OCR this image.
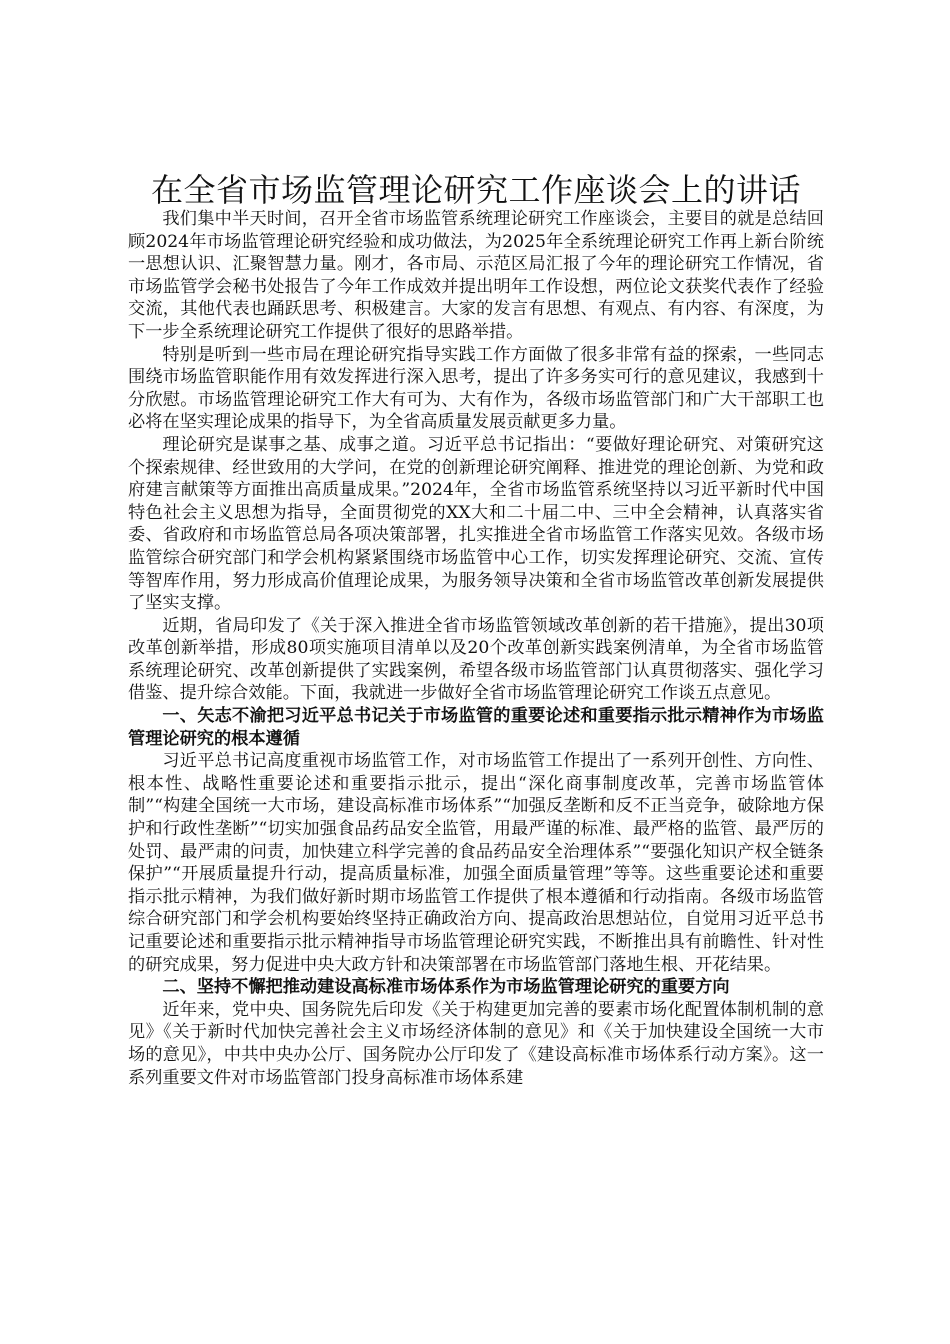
在全省市场监管理论研究工作座谈会上的讲话

我们集中半天时间，召开全省市场监管系统理论研究工作座谈会，主要目的就是总结回顾2024年市场监管理论研究经验和成功做法，为2025年全系统理论研究工作再上新台阶统一思想认识、汇聚智慧力量。刚才，各市局、示范区局汇报了今年的理论研究工作情况，省市场监管学会秘书处报告了今年工作成效并提出明年工作设想，两位论文获奖代表作了经验交流，其他代表也踊跃思考、积极建言。大家的发言有思想、有观点、有内容、有深度，为下一步全系统理论研究工作提供了很好的思路举措。

特别是听到一些市局在理论研究指导实践工作方面做了很多非常有益的探索，一些同志围绕市场监管职能作用有效发挥进行深入思考，提出了许多务实可行的意见建议，我感到十分欣慰。市场监管理论研究工作大有可为、大有作为，各级市场监管部门和广大干部职工也必将在坚实理论成果的指导下，为全省高质量发展贡献更多力量。

理论研究是谋事之基、成事之道。习近平总书记指出：“要做好理论研究、对策研究这个探索规律、经世致用的大学问，在党的创新理论研究阐释、推进党的理论创新、为党和政府建言献策等方面推出高质量成果。”2024年，全省市场监管系统坚持以习近平新时代中国特色社会主义思想为指导，全面贯彻党的XX大和二十届二中、三中全会精神，认真落实省委、省政府和市场监管总局各项决策部署，扎实推进全省市场监管工作落实见效。各级市场监管综合研究部门和学会机构紧紧围绕市场监管中心工作，切实发挥理论研究、交流、宣传等智库作用，努力形成高价值理论成果，为服务领导决策和全省市场监管改革创新发展提供了坚实支撑。

近期，省局印发了《关于深入推进全省市场监管领域改革创新的若干措施》，提出30项改革创新举措，形成80项实施项目清单以及20个改革创新实践案例清单，为全省市场监管系统理论研究、改革创新提供了实践案例，希望各级市场监管部门认真贯彻落实、强化学习借鉴、提升综合效能。下面，我就进一步做好全省市场监管理论研究工作谈五点意见。

一、矢志不渝把习近平总书记关于市场监管的重要论述和重要指示批示精神作为市场监管理论研究的根本遵循

习近平总书记高度重视市场监管工作，对市场监管工作提出了一系列开创性、方向性、根本性、战略性重要论述和重要指示批示，提出“深化商事制度改革，完善市场监管体制”“构建全国统一大市场，建设高标准市场体系”“加强反垄断和反不正当竞争，破除地方保护和行政性垄断”“切实加强食品药品安全监管，用最严谨的标准、最严格的监管、最严厉的处罚、最严肃的问责，加快建立科学完善的食品药品安全治理体系”“要强化知识产权全链条保护”“开展质量提升行动，提高质量标准，加强全面质量管理”等等。这些重要论述和重要指示批示精神，为我们做好新时期市场监管工作提供了根本遵循和行动指南。各级市场监管综合研究部门和学会机构要始终坚持正确政治方向、提高政治思想站位，自觉用习近平总书记重要论述和重要指示批示精神指导市场监管理论研究实践，不断推出具有前瞻性、针对性的研究成果，努力促进中央大政方针和决策部署在市场监管部门落地生根、开花结果。

二、坚持不懈把推动建设高标准市场体系作为市场监管理论研究的重要方向

近年来，党中央、国务院先后印发《关于构建更加完善的要素市场化配置体制机制的意见》《关于新时代加快完善社会主义市场经济体制的意见》和《关于加快建设全国统一大市场的意见》，中共中央办公厅、国务院办公厅印发了《建设高标准市场体系行动方案》。这一系列重要文件对市场监管部门投身高标准市场体系建
